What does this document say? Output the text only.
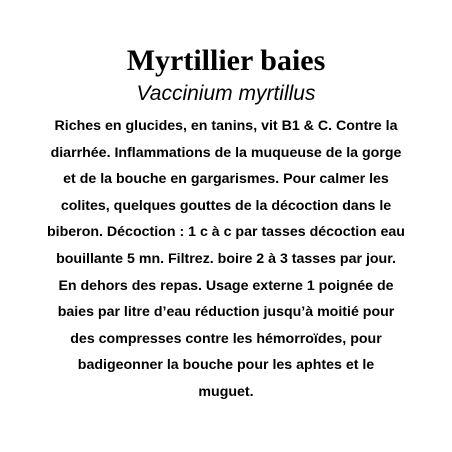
Myrtillier baies
Vaccinium myrtillus
Riches en glucides, en tanins, vit B1 & C. Contre la
diarrhée. Inflammations de la muqueuse de la gorge
et de la bouche en gargarismes. Pour calmer les
colites, quelques gouttes de la décoction dans le
biberon. Décoction : 1 c à c par tasses décoction eau
bouillante 5 mn. Filtrez. boire 2 à 3 tasses par jour.
En dehors des repas. Usage externe 1 poignée de
baies par litre d’eau réduction jusqu’à moitié pour
des compresses contre les hémorroïdes, pour
badigeonner la bouche pour les aphtes et le
muguet.
